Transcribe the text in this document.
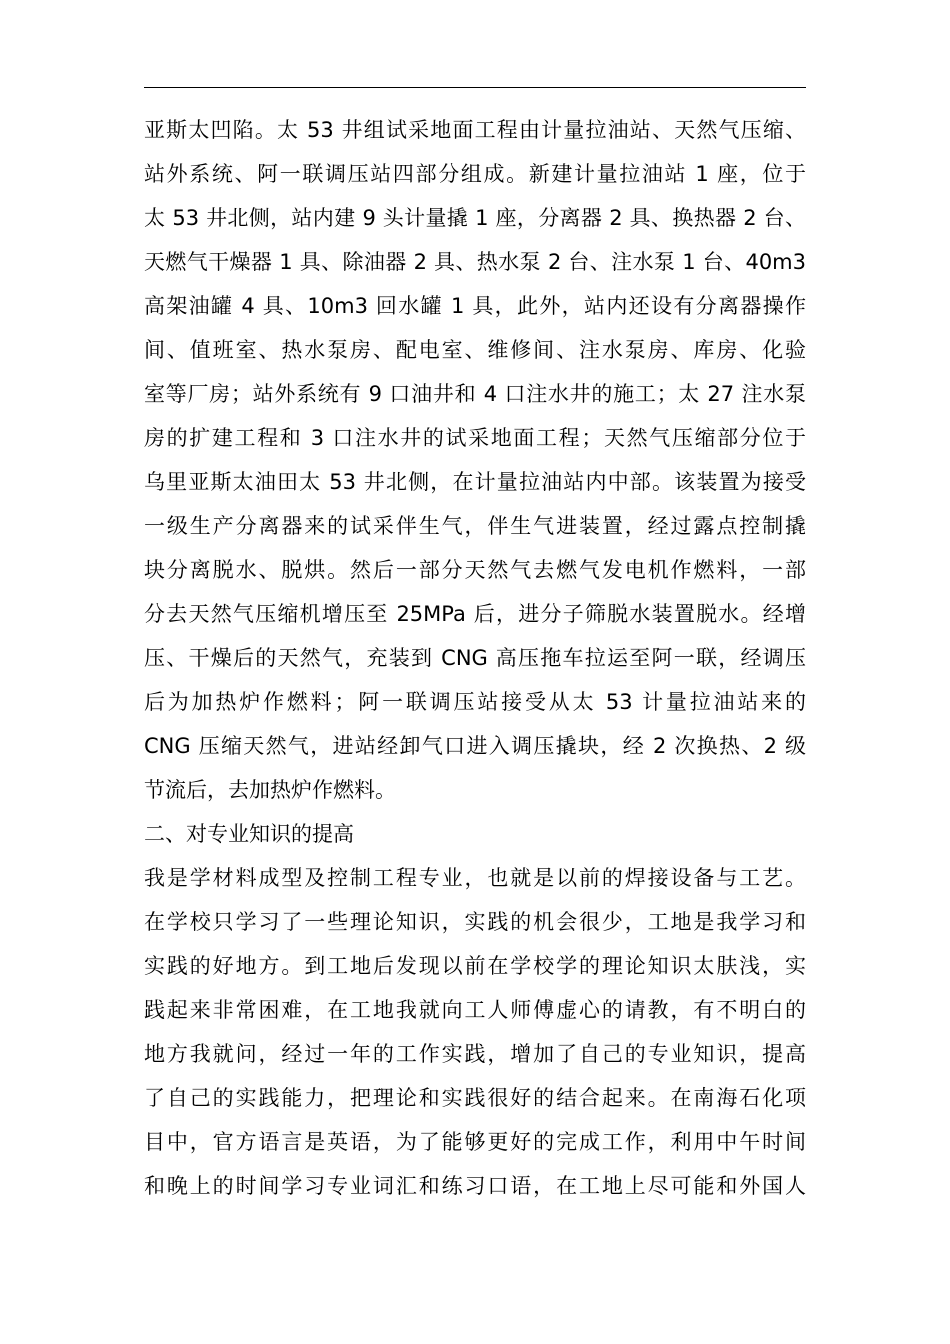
亚斯太凹陷。太 53 井组试采地面工程由计量拉油站、天然气压缩、
站外系统、阿一联调压站四部分组成。新建计量拉油站 1 座，位于
太 53 井北侧，站内建 9 头计量撬 1 座，分离器 2 具、换热器 2 台、
天燃气干燥器 1 具、除油器 2 具、热水泵 2 台、注水泵 1 台、40m3
高架油罐 4 具、10m3 回水罐 1 具，此外，站内还设有分离器操作
间、值班室、热水泵房、配电室、维修间、注水泵房、库房、化验
室等厂房；站外系统有 9 口油井和 4 口注水井的施工；太 27 注水泵
房的扩建工程和 3 口注水井的试采地面工程；天然气压缩部分位于
乌里亚斯太油田太 53 井北侧，在计量拉油站内中部。该装置为接受
一级生产分离器来的试采伴生气，伴生气进装置，经过露点控制撬
块分离脱水、脱烘。然后一部分天然气去燃气发电机作燃料，一部
分去天然气压缩机增压至 25MPa 后，进分子筛脱水装置脱水。经增
压、干燥后的天然气，充装到 CNG 高压拖车拉运至阿一联，经调压
后为加热炉作燃料；阿一联调压站接受从太 53 计量拉油站来的
CNG 压缩天然气，进站经卸气口进入调压撬块，经 2 次换热、2 级
节流后，去加热炉作燃料。
二、对专业知识的提高
我是学材料成型及控制工程专业，也就是以前的焊接设备与工艺。
在学校只学习了一些理论知识，实践的机会很少，工地是我学习和
实践的好地方。到工地后发现以前在学校学的理论知识太肤浅，实
践起来非常困难，在工地我就向工人师傅虚心的请教，有不明白的
地方我就问，经过一年的工作实践，增加了自己的专业知识，提高
了自己的实践能力，把理论和实践很好的结合起来。在南海石化项
目中，官方语言是英语，为了能够更好的完成工作，利用中午时间
和晚上的时间学习专业词汇和练习口语，在工地上尽可能和外国人
